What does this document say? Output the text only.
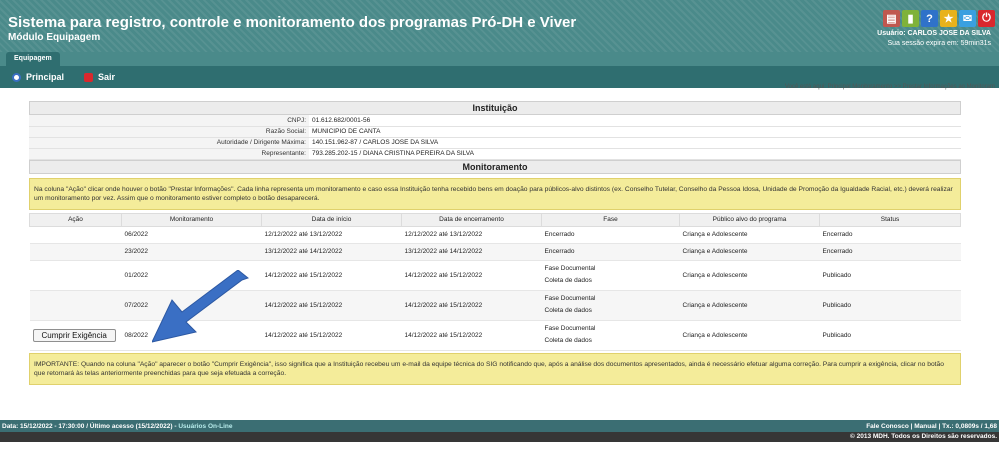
Sistema para registro, controle e monitoramento dos programas Pró-DH e Viver
Módulo Equipagem
▤ ▮	? ★ ✉ ⏻
Usuário: CARLOS JOSE DA SILVA
Sua sessão expira em: 59min31s
Equipagem
Principal	Sair
Você está aqui: Principal Monitoramento >> Prestar Informações ao Monitoram
Instituição
CNPJ:	01.612.682/0001-56
Razão Social:	MUNICIPIO DE CANTA
Autoridade / Dirigente Máxima:	140.151.962-87 / CARLOS JOSE DA SILVA
Representante:	793.285.202-15 / DIANA CRISTINA PEREIRA DA SILVA
Monitoramento
Na coluna "Ação" clicar onde houver o botão "Prestar Informações". Cada linha representa um monitoramento e caso essa Instituição tenha recebido bens em doação para públicos-alvo distintos (ex. Conselho Tutelar, Conselho da Pessoa Idosa, Unidade de Promoção da Igualdade Racial, etc.) deverá realizar um monitoramento por vez. Assim que o monitoramento estiver completo o botão desaparecerá.
Ação	Monitoramento	Data de início	Data de encerramento	Fase	Público alvo do programa	Status
	06/2022	12/12/2022 até 13/12/2022	12/12/2022 até 13/12/2022	Encerrado	Criança e Adolescente	Encerrado
	23/2022	13/12/2022 até 14/12/2022	13/12/2022 até 14/12/2022	Encerrado	Criança e Adolescente	Encerrado
	01/2022	14/12/2022 até 15/12/2022	14/12/2022 até 15/12/2022	Fase Documental
Coleta de dados	Criança e Adolescente	Publicado
	07/2022	14/12/2022 até 15/12/2022	14/12/2022 até 15/12/2022	Fase Documental
Coleta de dados	Criança e Adolescente	Publicado
Cumprir Exigência	08/2022	14/12/2022 até 15/12/2022	14/12/2022 até 15/12/2022	Fase Documental
Coleta de dados	Criança e Adolescente	Publicado
IMPORTANTE: Quando na coluna "Ação" aparecer o botão "Cumprir Exigência", isso significa que a Instituição recebeu um e-mail da equipe técnica do SIG notificando que, após a análise dos documentos apresentados, ainda é necessário efetuar alguma correção. Para cumprir a exigência, clicar no botão que retornará às telas anteriormente preenchidas para que seja efetuada a correção.
Data: 15/12/2022 - 17:30:00 / Último acesso (15/12/2022) - Usuários On-Line	Fale Conosco | Manual | Tx.: 0,0809s / 1,68
© 2013 MDH. Todos os Direitos são reservados.
